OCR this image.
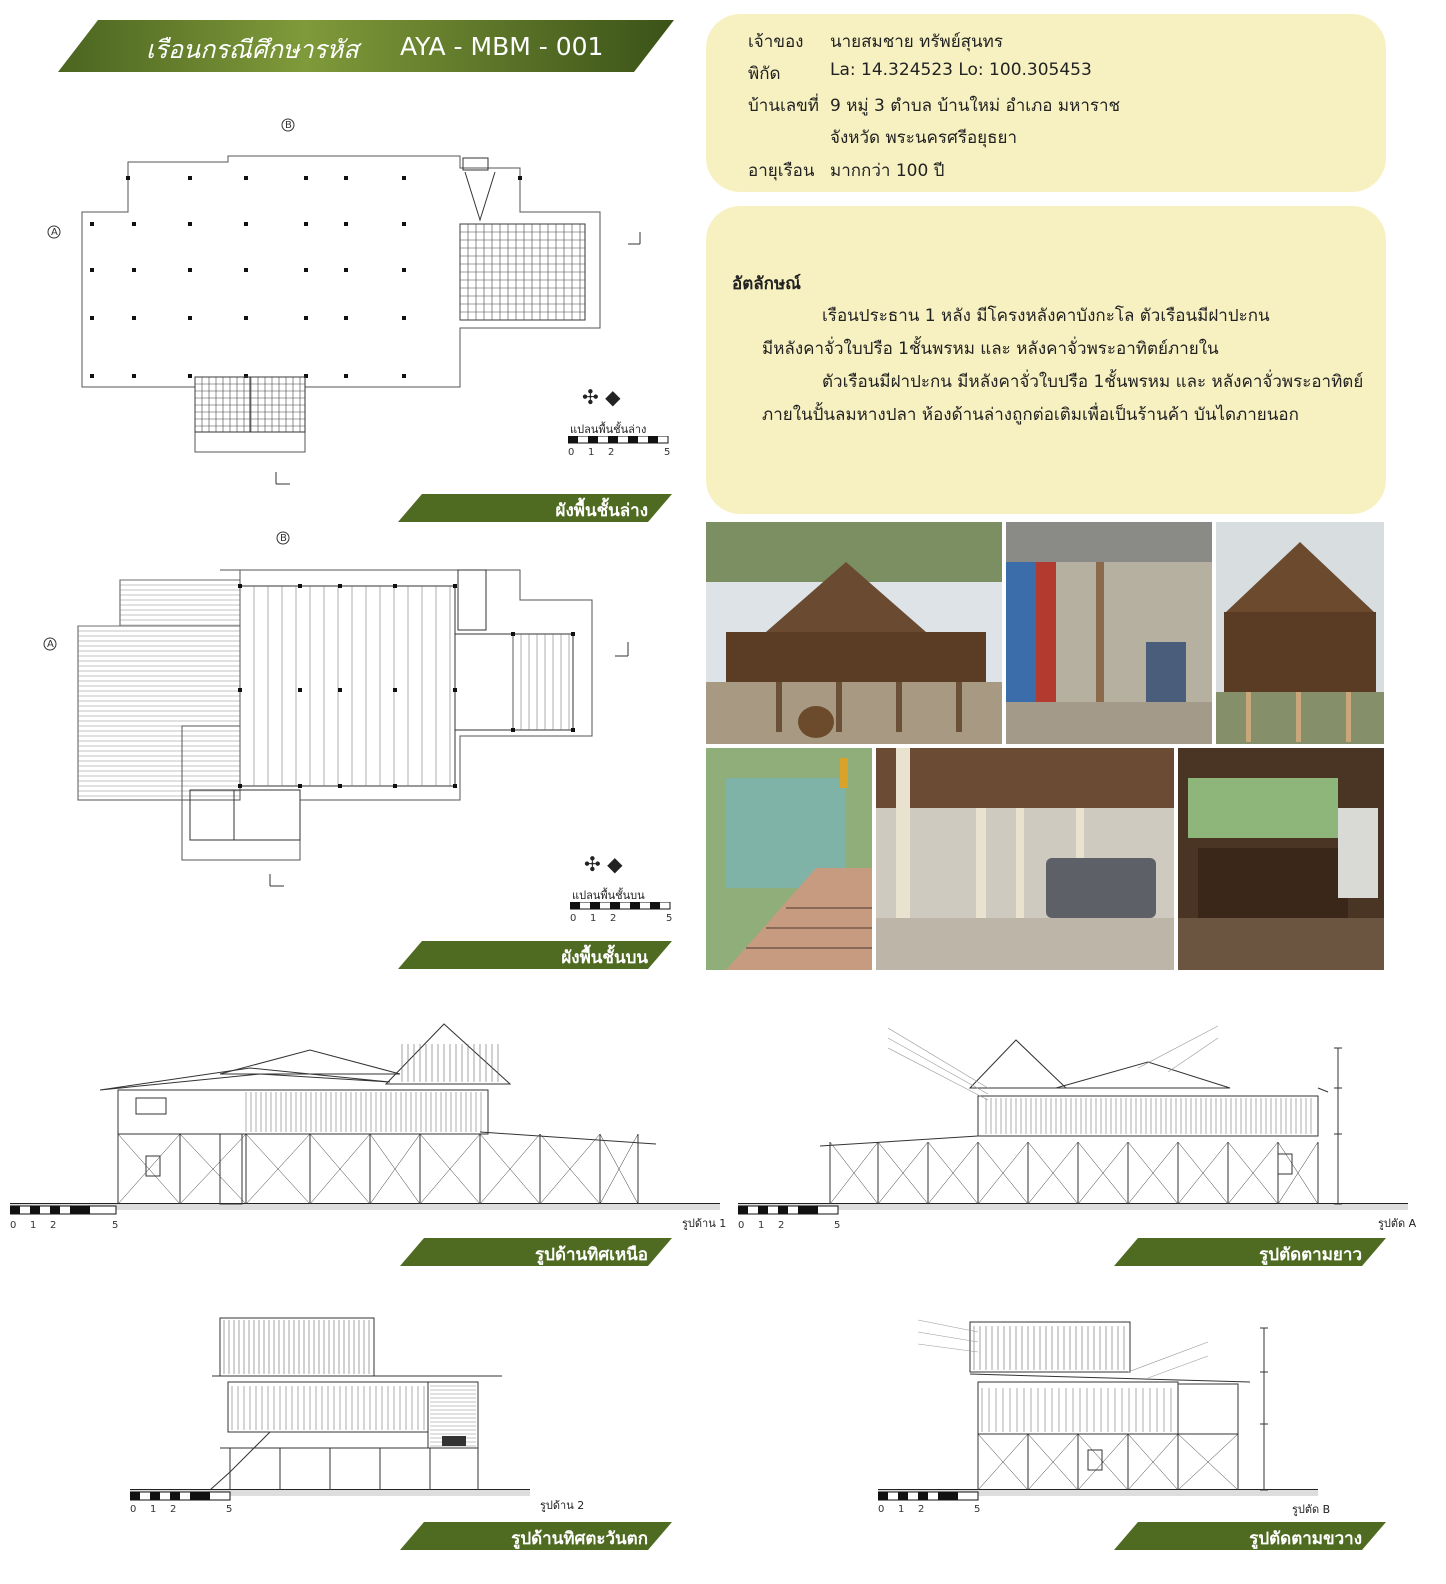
เรือนกรณีศึกษารหัส AYA - MBM - 001	เจ้าของ นายสมชาย ทรัพย์สุนทร
พิกัด	La: 14.324523 Lo: 100.305453
บ้านเลขที่ 9 หมู่ 3 ตำบล บ้านใหม่ อำเภอ มหาราช
จังหวัด พระนครศรีอยุธยา
อายุเรือน มากกว่า 100 ปี
อัตลักษณ์
เรือนประธาน 1 หลัง มีโครงหลังคาบังกะโล ตัวเรือนมีฝาปะกน
มีหลังคาจั่วใบปรือ 1ชั้นพรหม และ หลังคาจั่วพระอาทิตย์ภายใน
ตัวเรือนมีฝาปะกน มีหลังคาจั่วใบปรือ 1ชั้นพรหม และ หลังคาจั่วพระอาทิตย์
ภายในปั้นลมหางปลา ห้องด้านล่างถูกต่อเติมเพื่อเป็นร้านค้า บันไดภายนอก
B
A
✣ ◆
แปลนพื้นชั้นล่าง
0 1 2	5
ผังพื้นชั้นล่าง
B
A
✣ ◆
แปลนพื้นชั้นบน
0 1 2	5
ผังพื้นชั้นบน
0 1 2	5	รูปด้าน 1
รูปด้านทิศเหนือ
0 1 2	5	รูปตัด A
รูปตัดตามยาว
0 1 2	5	รูปด้าน 2
รูปด้านทิศตะวันตก
0 1 2	5	รูปตัด B
รูปตัดตามขวาง
